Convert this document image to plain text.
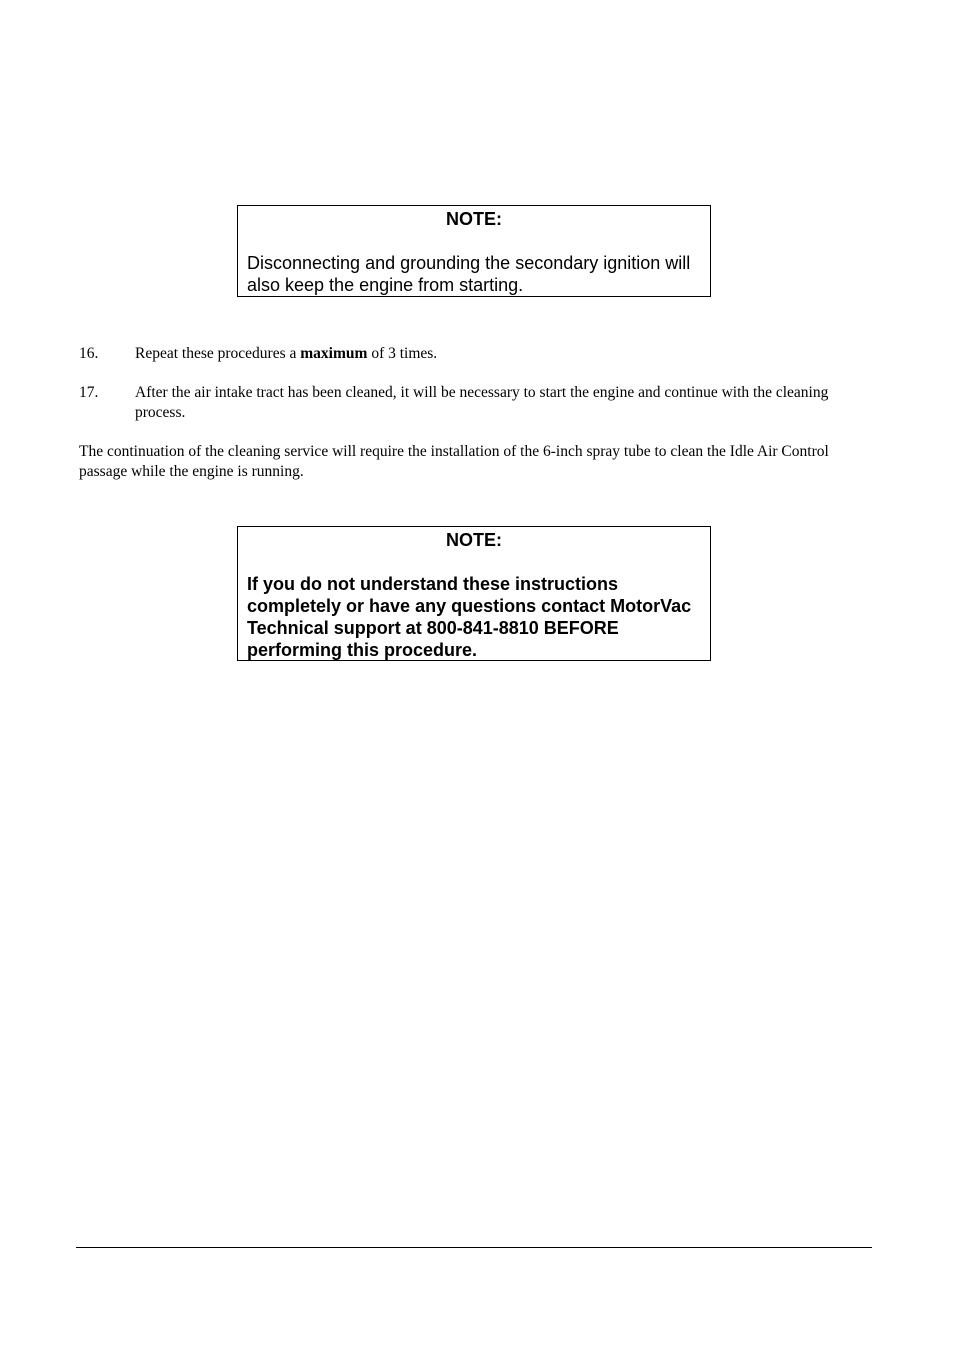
NOTE:
Disconnecting and grounding the secondary ignition will also keep the engine from starting.
16. Repeat these procedures a maximum of 3 times.
17. After the air intake tract has been cleaned, it will be necessary to start the engine and continue with the cleaning process.
The continuation of the cleaning service will require the installation of the 6-inch spray tube to clean the Idle Air Control passage while the engine is running.
NOTE:
If you do not understand these instructions completely or have any questions contact MotorVac Technical support at 800-841-8810 BEFORE performing this procedure.
